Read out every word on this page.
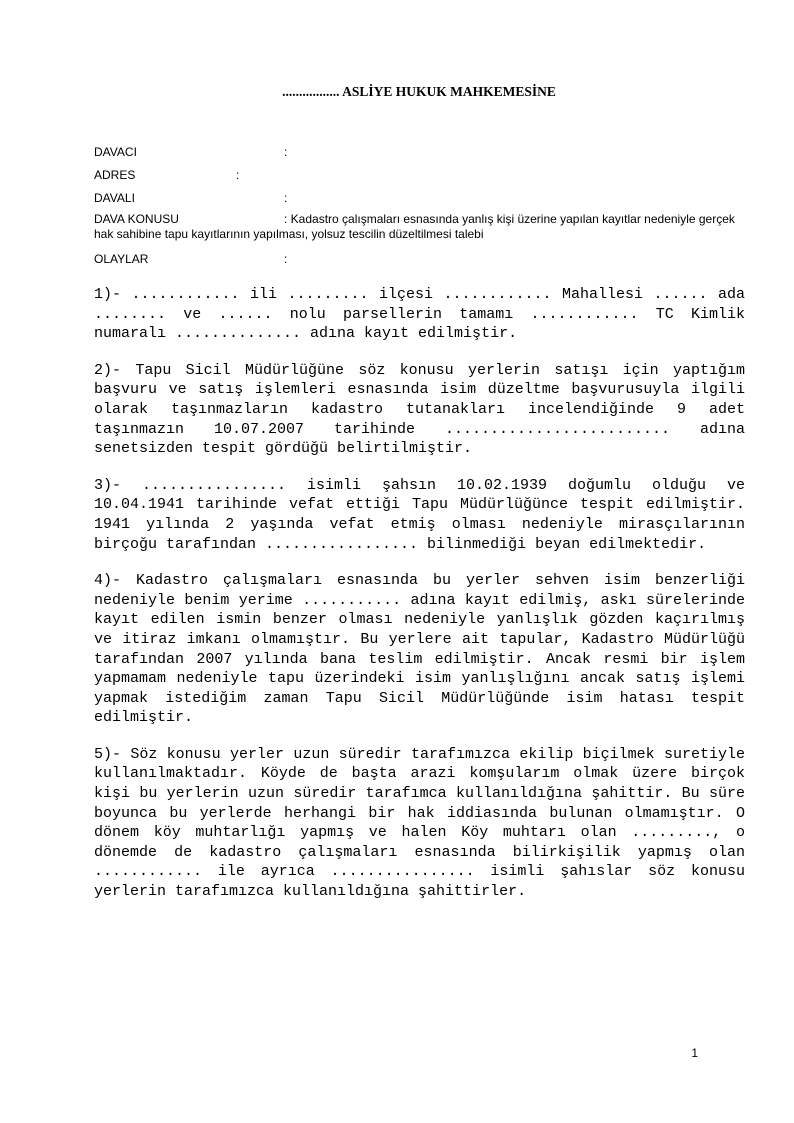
................. ASLİYE HUKUK MAHKEMESİNE
DAVACI	:
ADRES	:
DAVALI	:
DAVA KONUSU	: Kadastro çalışmaları esnasında yanlış kişi üzerine yapılan kayıtlar nedeniyle gerçek hak sahibine tapu kayıtlarının yapılması, yolsuz tescilin düzeltilmesi talebi
OLAYLAR	:

1)- ............ ili ......... ilçesi ............ Mahallesi ...... ada ........ ve ...... nolu parsellerin tamamı ............ TC Kimlik numaralı .............. adına kayıt edilmiştir.

2)- Tapu Sicil Müdürlüğüne söz konusu yerlerin satışı için yaptığım başvuru ve satış işlemleri esnasında isim düzeltme başvurusuyla ilgili olarak taşınmazların kadastro tutanakları incelendiğinde 9 adet taşınmazın 10.07.2007 tarihinde ......................... adına senetsizden tespit gördüğü belirtilmiştir.

3)- ................ isimli şahsın 10.02.1939 doğumlu olduğu ve 10.04.1941 tarihinde vefat ettiği Tapu Müdürlüğünce tespit edilmiştir. 1941 yılında 2 yaşında vefat etmiş olması nedeniyle mirasçılarının birçoğu tarafından ................. bilinmediği beyan edilmektedir.

4)- Kadastro çalışmaları esnasında bu yerler sehven isim benzerliği nedeniyle benim yerime ........... adına kayıt edilmiş, askı sürelerinde kayıt edilen ismin benzer olması nedeniyle yanlışlık gözden kaçırılmış ve itiraz imkanı olmamıştır. Bu yerlere ait tapular, Kadastro Müdürlüğü tarafından 2007 yılında bana teslim edilmiştir. Ancak resmi bir işlem yapmamam nedeniyle tapu üzerindeki isim yanlışlığını ancak satış işlemi yapmak istediğim zaman Tapu Sicil Müdürlüğünde isim hatası tespit edilmiştir.

5)- Söz konusu yerler uzun süredir tarafımızca ekilip biçilmek suretiyle kullanılmaktadır. Köyde de başta arazi komşularım olmak üzere birçok kişi bu yerlerin uzun süredir tarafımca kullanıldığına şahittir. Bu süre boyunca bu yerlerde herhangi bir hak iddiasında bulunan olmamıştır. O dönem köy muhtarlığı yapmış ve halen Köy muhtarı olan ........., o dönemde de kadastro çalışmaları esnasında bilirkişilik yapmış olan ............ ile ayrıca ................ isimli şahıslar söz konusu yerlerin tarafımızca kullanıldığına şahittirler.

1
